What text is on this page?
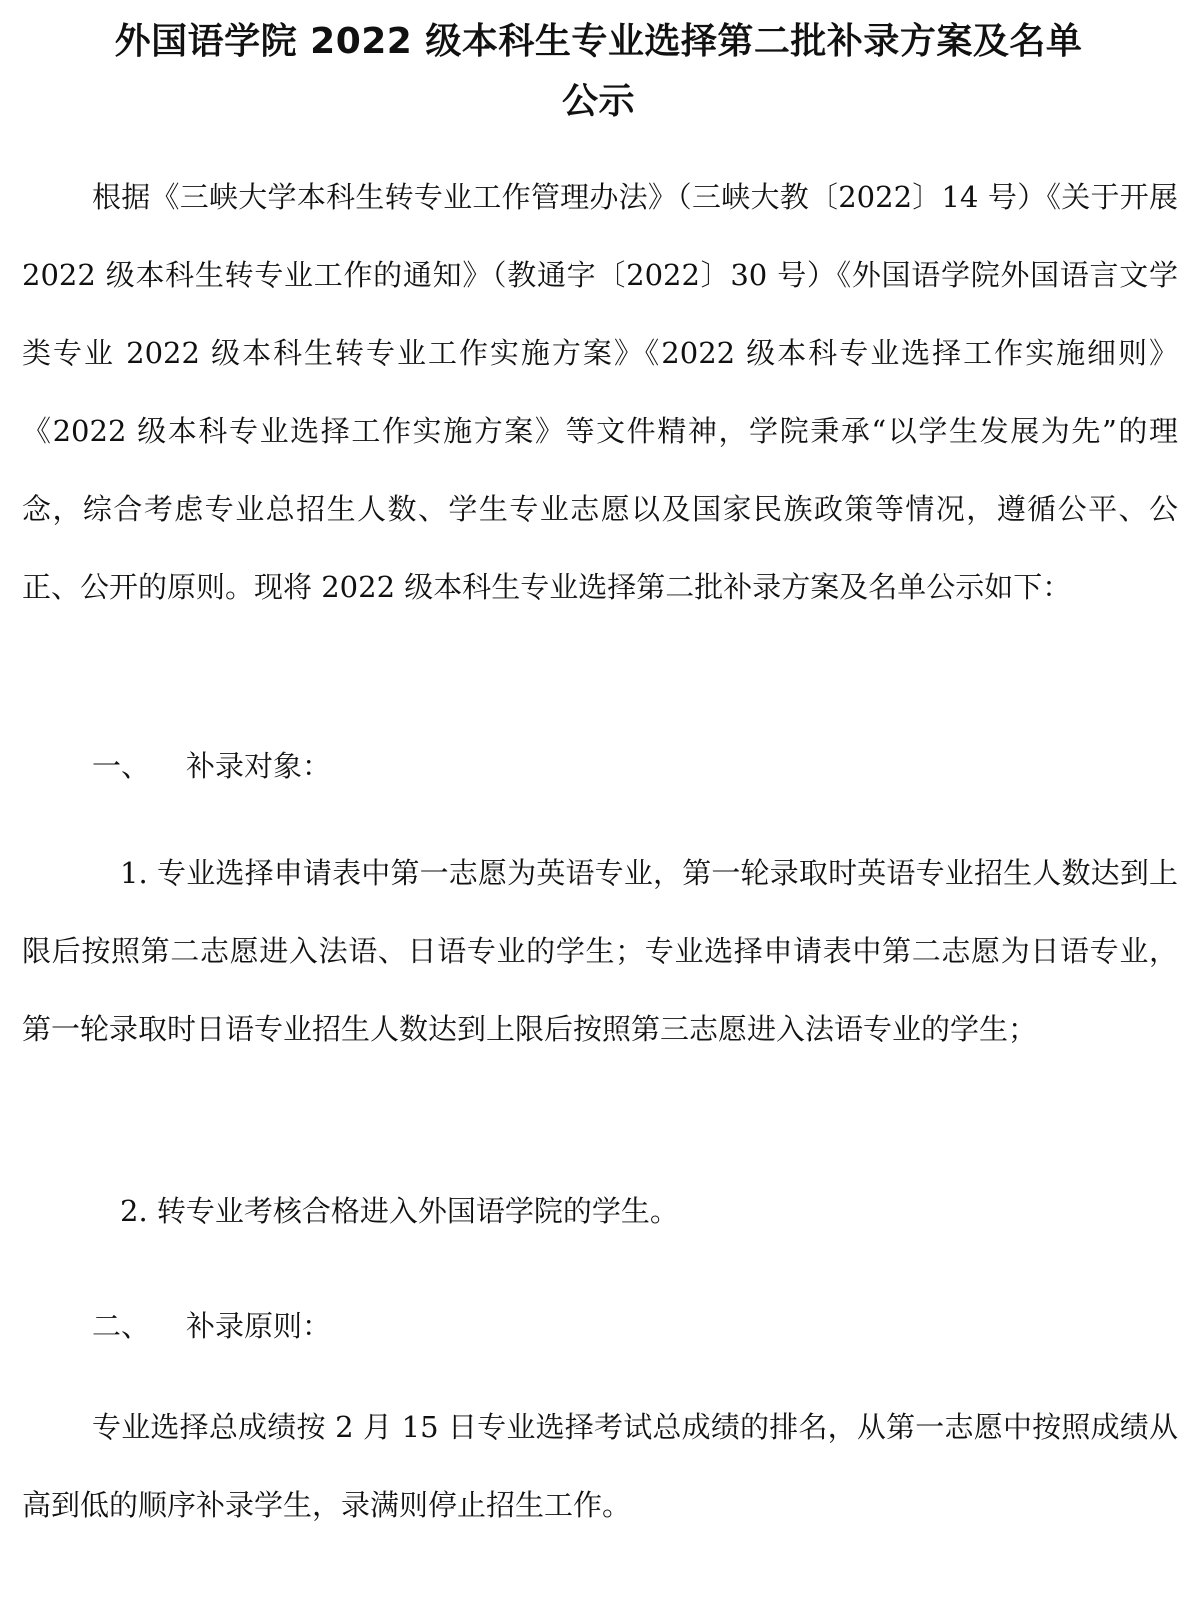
外国语学院 2022 级本科生专业选择第二批补录方案及名单
公示

根据《三峡大学本科生转专业工作管理办法》（三峡大教〔2022〕14 号）《关于开展 2022 级本科生转专业工作的通知》（教通字〔2022〕30 号）《外国语学院外国语言文学类专业 2022 级本科生转专业工作实施方案》《2022 级本科专业选择工作实施细则》《2022 级本科专业选择工作实施方案》等文件精神，学院秉承“以学生发展为先”的理念，综合考虑专业总招生人数、学生专业志愿以及国家民族政策等情况，遵循公平、公正、公开的原则。现将 2022 级本科生专业选择第二批补录方案及名单公示如下：

一、 补录对象：

1. 专业选择申请表中第一志愿为英语专业，第一轮录取时英语专业招生人数达到上限后按照第二志愿进入法语、日语专业的学生；专业选择申请表中第二志愿为日语专业，第一轮录取时日语专业招生人数达到上限后按照第三志愿进入法语专业的学生；

2. 转专业考核合格进入外国语学院的学生。

二、 补录原则：

专业选择总成绩按 2 月 15 日专业选择考试总成绩的排名，从第一志愿中按照成绩从高到低的顺序补录学生，录满则停止招生工作。
